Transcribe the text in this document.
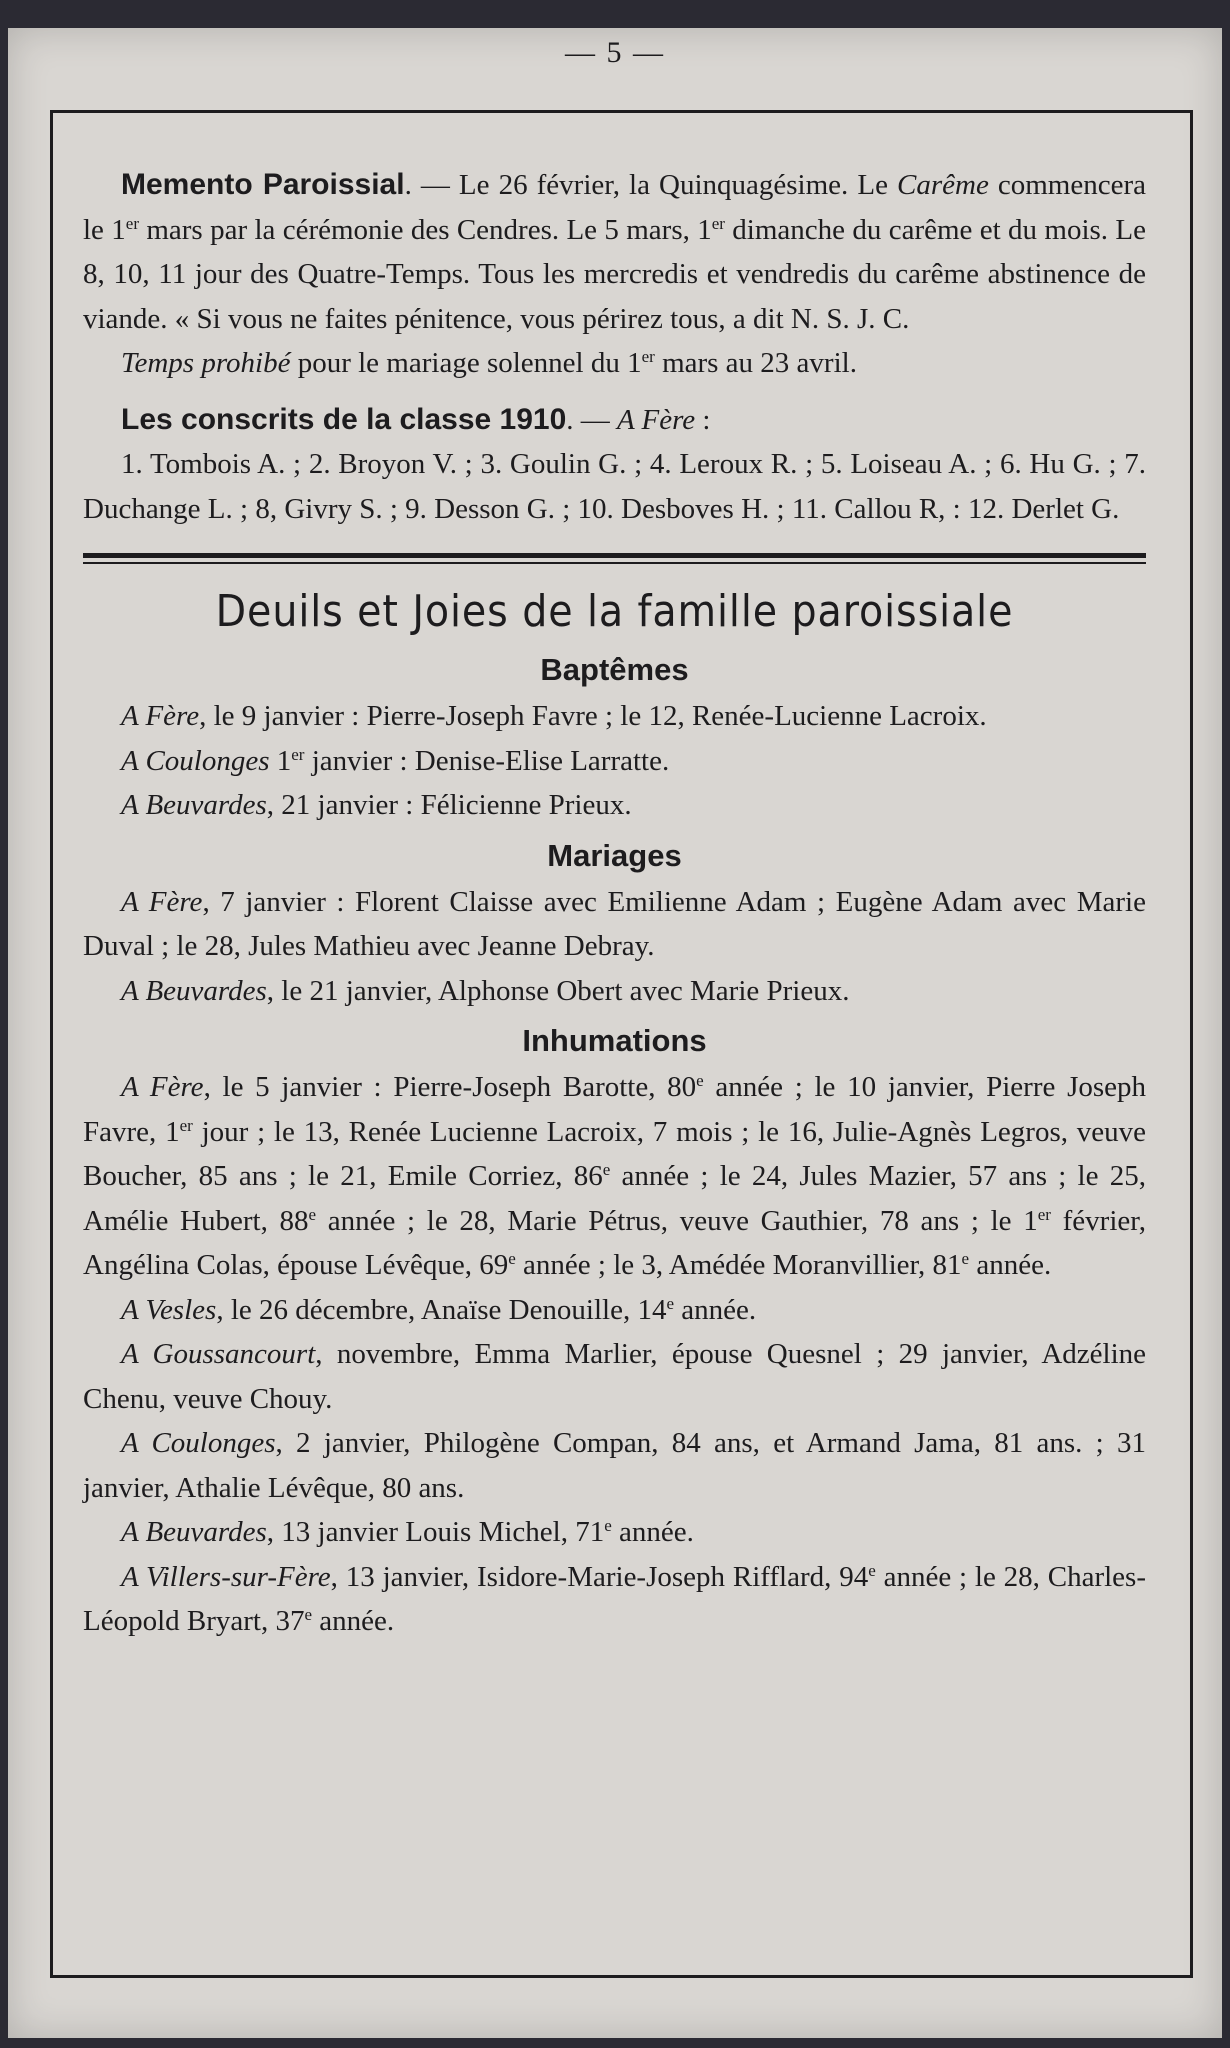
— 5 —

Memento Paroissial. — Le 26 février, la Quinquagésime. Le Carême commencera le 1er mars par la cérémonie des Cendres. Le 5 mars, 1er dimanche du carême et du mois. Le 8, 10, 11 jour des Quatre-Temps. Tous les mercredis et vendredis du carême abstinence de viande. « Si vous ne faites pénitence, vous périrez tous, a dit N. S. J. C.

Temps prohibé pour le mariage solennel du 1er mars au 23 avril.

Les conscrits de la classe 1910. — A Fère :

1. Tombois A. ; 2. Broyon V. ; 3. Goulin G. ; 4. Leroux R. ; 5. Loiseau A. ; 6. Hu G. ; 7. Duchange L. ; 8, Givry S. ; 9. Desson G. ; 10. Desboves H. ; 11. Callou R, : 12. Derlet G.

Deuils et Joies de la famille paroissiale
Baptêmes

A Fère, le 9 janvier : Pierre-Joseph Favre ; le 12, Renée-Lucienne Lacroix.

A Coulonges 1er janvier : Denise-Elise Larratte.

A Beuvardes, 21 janvier : Félicienne Prieux.

Mariages

A Fère, 7 janvier : Florent Claisse avec Emilienne Adam ; Eugène Adam avec Marie Duval ; le 28, Jules Mathieu avec Jeanne Debray.

A Beuvardes, le 21 janvier, Alphonse Obert avec Marie Prieux.

Inhumations

A Fère, le 5 janvier : Pierre-Joseph Barotte, 80e année ; le 10 janvier, Pierre Joseph Favre, 1er jour ; le 13, Renée Lucienne Lacroix, 7 mois ; le 16, Julie-Agnès Legros, veuve Boucher, 85 ans ; le 21, Emile Corriez, 86e année ; le 24, Jules Mazier, 57 ans ; le 25, Amélie Hubert, 88e année ; le 28, Marie Pétrus, veuve Gauthier, 78 ans ; le 1er février, Angélina Colas, épouse Lévêque, 69e année ; le 3, Amédée Moranvillier, 81e année.

A Vesles, le 26 décembre, Anaïse Denouille, 14e année.

A Goussancourt, novembre, Emma Marlier, épouse Quesnel ; 29 janvier, Adzéline Chenu, veuve Chouy.

A Coulonges, 2 janvier, Philogène Compan, 84 ans, et Armand Jama, 81 ans. ; 31 janvier, Athalie Lévêque, 80 ans.

A Beuvardes, 13 janvier Louis Michel, 71e année.

A Villers-sur-Fère, 13 janvier, Isidore-Marie-Joseph Rifflard, 94e année ; le 28, Charles-Léopold Bryart, 37e année.
